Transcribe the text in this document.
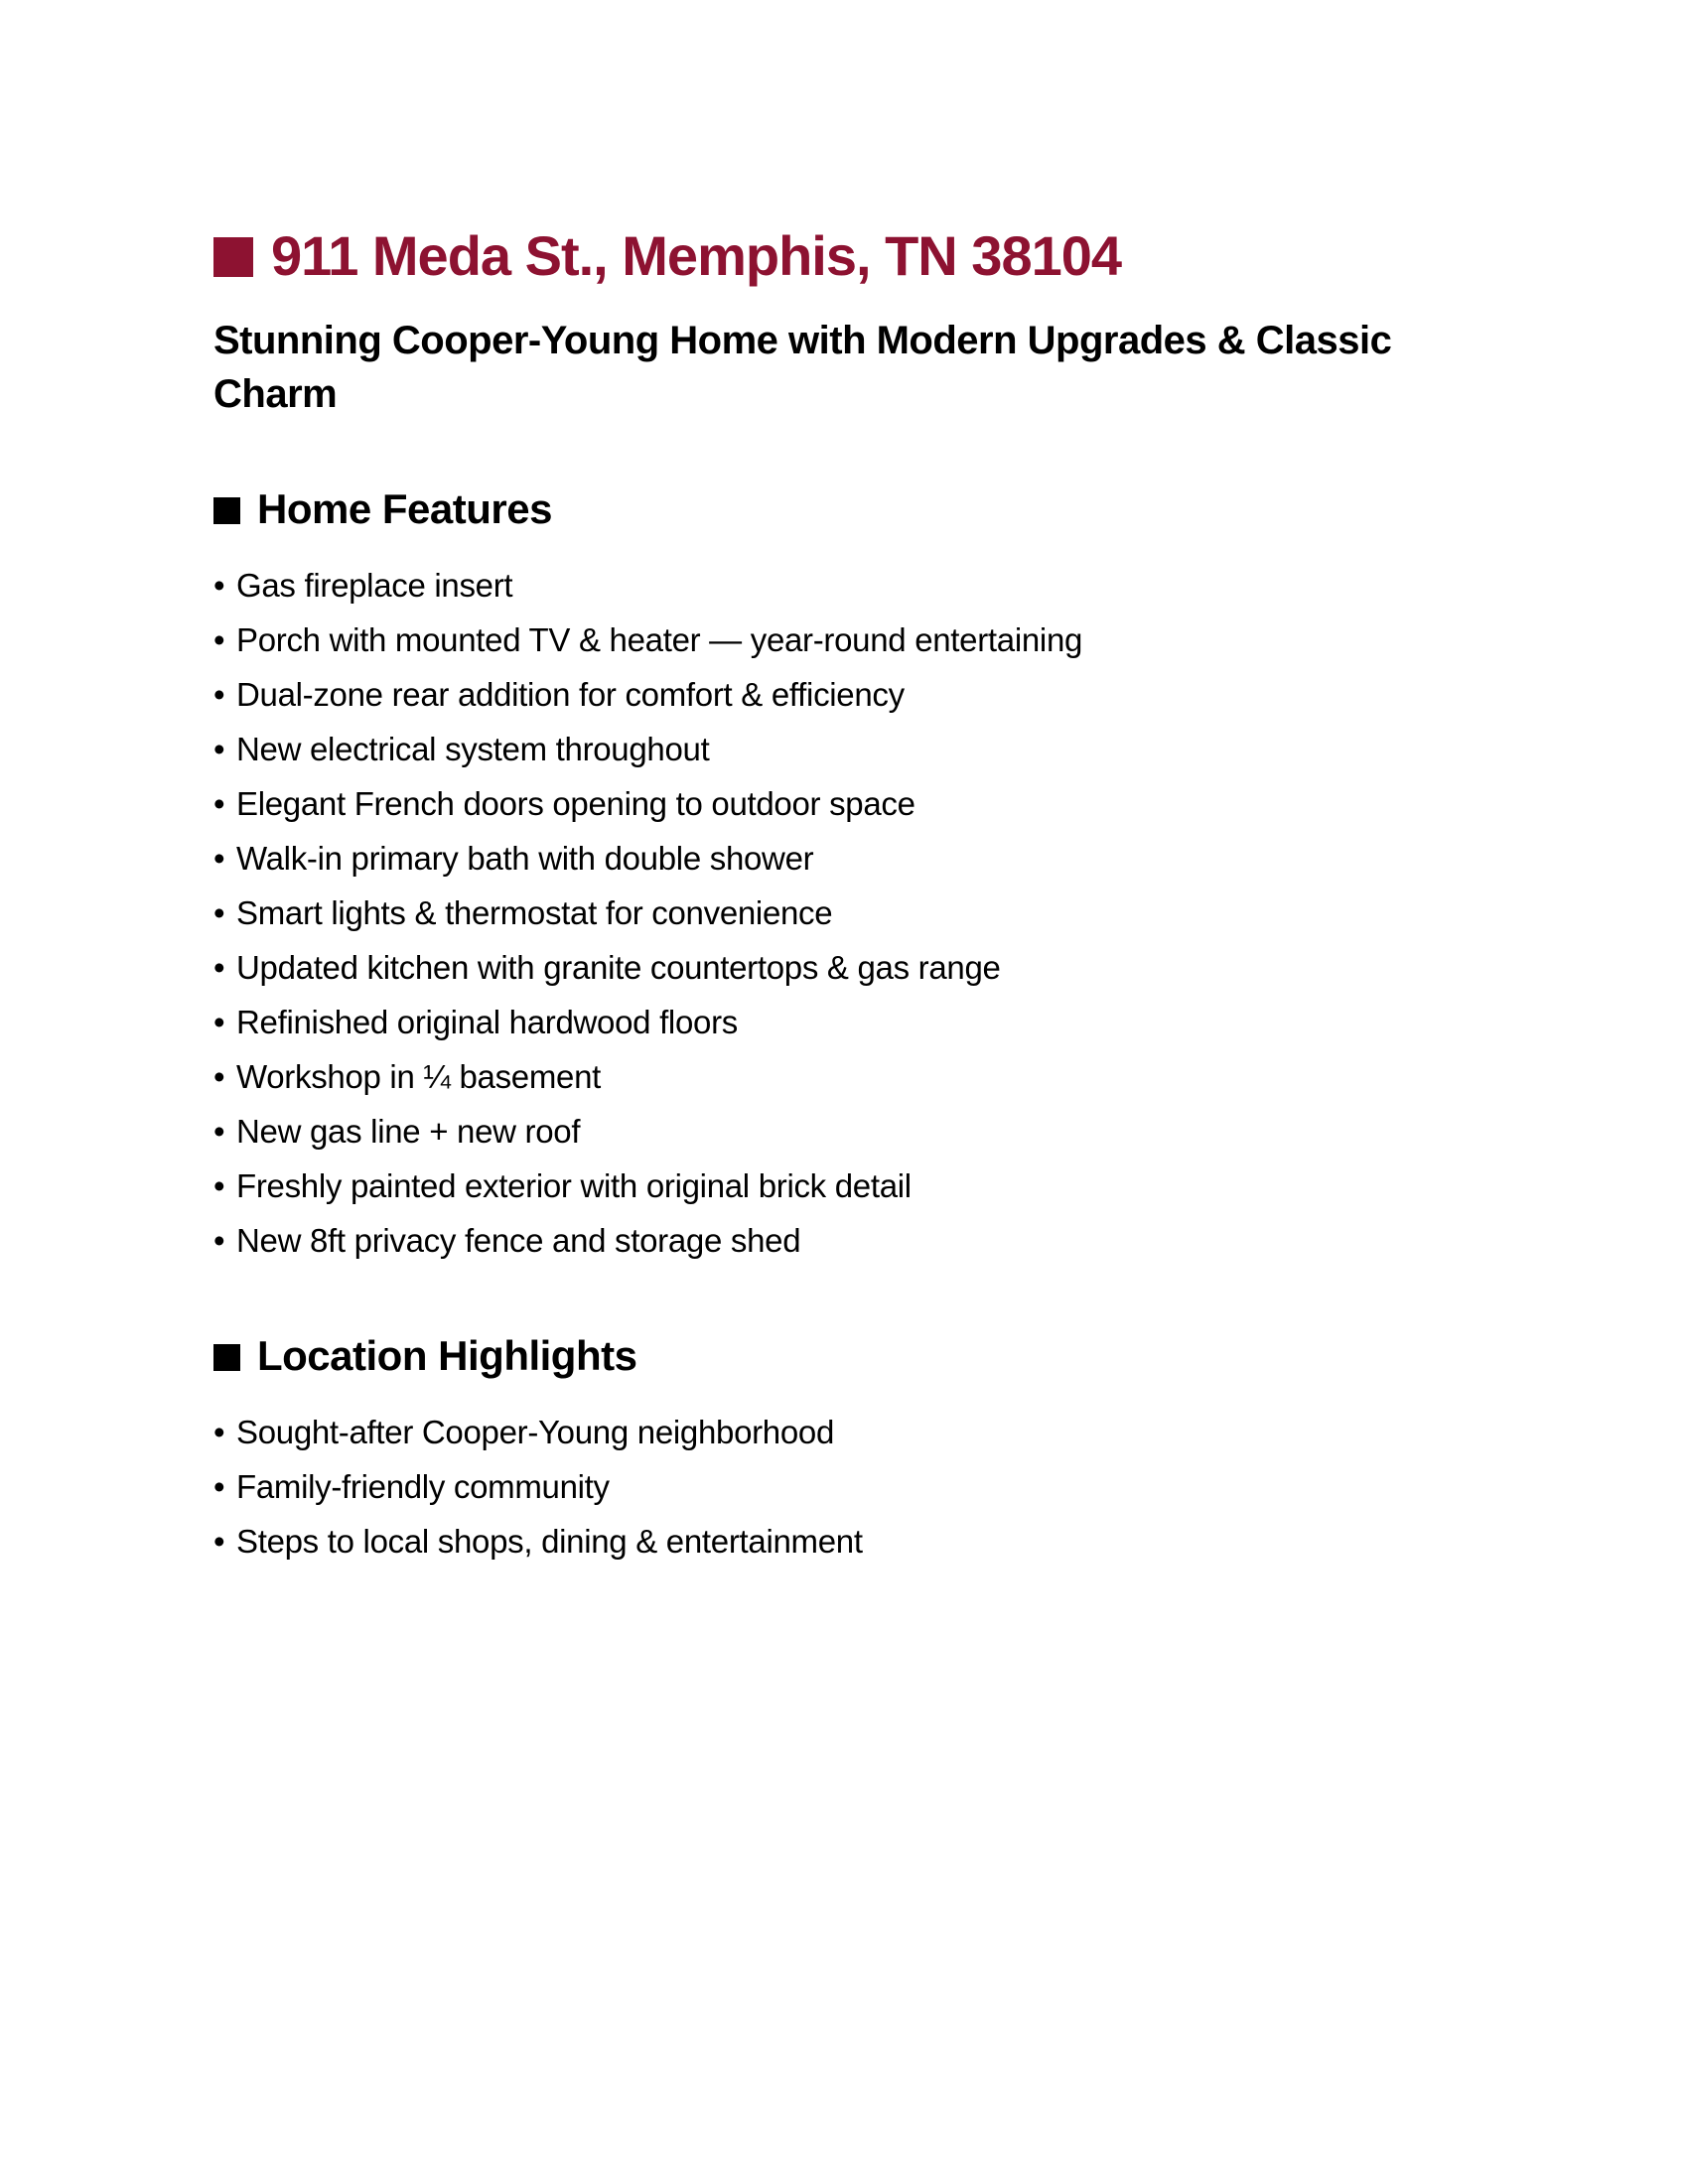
911 Meda St., Memphis, TN 38104
Stunning Cooper-Young Home with Modern Upgrades & Classic Charm
Home Features
• Gas fireplace insert
• Porch with mounted TV & heater — year-round entertaining
• Dual-zone rear addition for comfort & efficiency
• New electrical system throughout
• Elegant French doors opening to outdoor space
• Walk-in primary bath with double shower
• Smart lights & thermostat for convenience
• Updated kitchen with granite countertops & gas range
• Refinished original hardwood floors
• Workshop in ¼ basement
• New gas line + new roof
• Freshly painted exterior with original brick detail
• New 8ft privacy fence and storage shed
Location Highlights
• Sought-after Cooper-Young neighborhood
• Family-friendly community
• Steps to local shops, dining & entertainment
